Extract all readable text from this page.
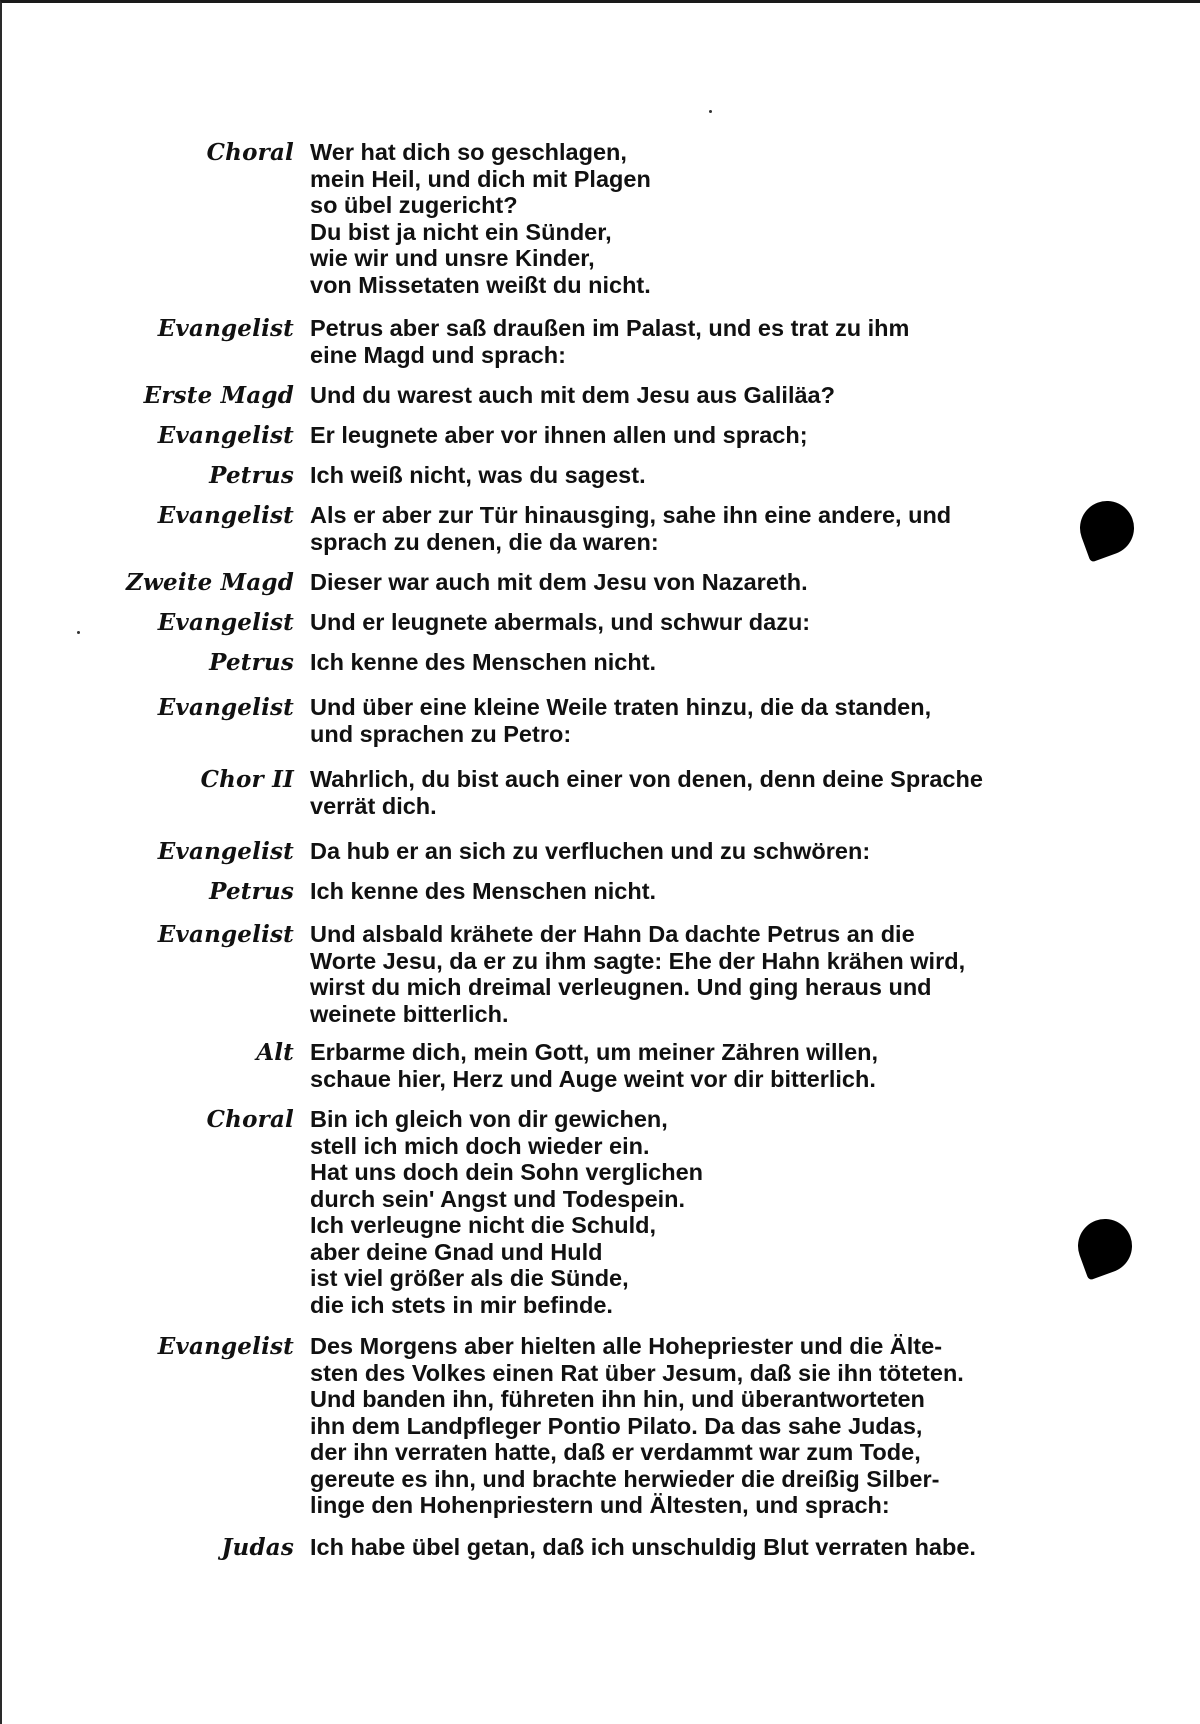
Choral Wer hat dich so geschlagen,
mein Heil, und dich mit Plagen
so übel zugericht?
Du bist ja nicht ein Sünder,
wie wir und unsre Kinder,
von Missetaten weißt du nicht.
Evangelist Petrus aber saß draußen im Palast, und es trat zu ihm
eine Magd und sprach:
Erste Magd Und du warest auch mit dem Jesu aus Galiläa?
Evangelist Er leugnete aber vor ihnen allen und sprach;
Petrus Ich weiß nicht, was du sagest.
Evangelist Als er aber zur Tür hinausging, sahe ihn eine andere, und
sprach zu denen, die da waren:
Zweite Magd Dieser war auch mit dem Jesu von Nazareth.
Evangelist Und er leugnete abermals, und schwur dazu:
Petrus Ich kenne des Menschen nicht.
Evangelist Und über eine kleine Weile traten hinzu, die da standen,
und sprachen zu Petro:
Chor II Wahrlich, du bist auch einer von denen, denn deine Sprache
verrät dich.
Evangelist Da hub er an sich zu verfluchen und zu schwören:
Petrus Ich kenne des Menschen nicht.
Evangelist Und alsbald krähete der Hahn Da dachte Petrus an die
Worte Jesu, da er zu ihm sagte: Ehe der Hahn krähen wird,
wirst du mich dreimal verleugnen. Und ging heraus und
weinete bitterlich.
Alt Erbarme dich, mein Gott, um meiner Zähren willen,
schaue hier, Herz und Auge weint vor dir bitterlich.
Choral Bin ich gleich von dir gewichen,
stell ich mich doch wieder ein.
Hat uns doch dein Sohn verglichen
durch sein' Angst und Todespein.
Ich verleugne nicht die Schuld,
aber deine Gnad und Huld
ist viel größer als die Sünde,
die ich stets in mir befinde.
Evangelist Des Morgens aber hielten alle Hohepriester und die Älte-
sten des Volkes einen Rat über Jesum, daß sie ihn töteten.
Und banden ihn, führeten ihn hin, und überantworteten
ihn dem Landpfleger Pontio Pilato. Da das sahe Judas,
der ihn verraten hatte, daß er verdammt war zum Tode,
gereute es ihn, und brachte herwieder die dreißig Silber-
linge den Hohenpriestern und Ältesten, und sprach:
Judas Ich habe übel getan, daß ich unschuldig Blut verraten habe.
